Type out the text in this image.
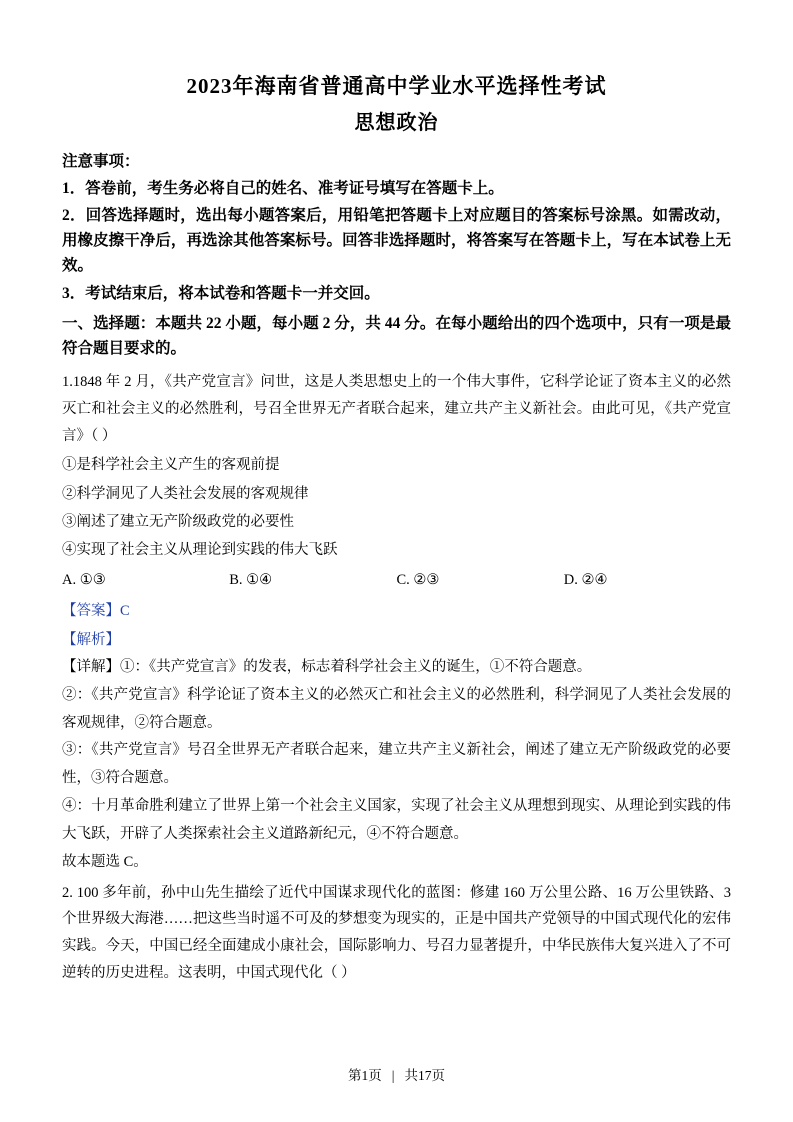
2023年海南省普通高中学业水平选择性考试
思想政治
注意事项：
1．答卷前，考生务必将自己的姓名、准考证号填写在答题卡上。
2．回答选择题时，选出每小题答案后，用铅笔把答题卡上对应题目的答案标号涂黑。如需改动，用橡皮擦干净后，再选涂其他答案标号。回答非选择题时，将答案写在答题卡上，写在本试卷上无效。
3．考试结束后，将本试卷和答题卡一并交回。
一、选择题：本题共 22 小题，每小题 2 分，共 44 分。在每小题给出的四个选项中，只有一项是最符合题目要求的。
1.1848 年 2 月，《共产党宣言》问世，这是人类思想史上的一个伟大事件，它科学论证了资本主义的必然灭亡和社会主义的必然胜利，号召全世界无产者联合起来，建立共产主义新社会。由此可见，《共产党宣言》（ ）
①是科学社会主义产生的客观前提
②科学洞见了人类社会发展的客观规律
③阐述了建立无产阶级政党的必要性
④实现了社会主义从理论到实践的伟大飞跃
A. ①③	B. ①④	C. ②③	D. ②④
【答案】C
【解析】
【详解】①：《共产党宣言》的发表，标志着科学社会主义的诞生，①不符合题意。
②：《共产党宣言》科学论证了资本主义的必然灭亡和社会主义的必然胜利，科学洞见了人类社会发展的客观规律，②符合题意。
③：《共产党宣言》号召全世界无产者联合起来，建立共产主义新社会，阐述了建立无产阶级政党的必要性，③符合题意。
④：十月革命胜利建立了世界上第一个社会主义国家，实现了社会主义从理想到现实、从理论到实践的伟大飞跃，开辟了人类探索社会主义道路新纪元，④不符合题意。
故本题选 C。
2. 100 多年前，孙中山先生描绘了近代中国谋求现代化的蓝图：修建 160 万公里公路、16 万公里铁路、3 个世界级大海港……把这些当时遥不可及的梦想变为现实的，正是中国共产党领导的中国式现代化的宏伟实践。今天，中国已经全面建成小康社会，国际影响力、号召力显著提升，中华民族伟大复兴进入了不可逆转的历史进程。这表明，中国式现代化（ ）
第1页 | 共17页
